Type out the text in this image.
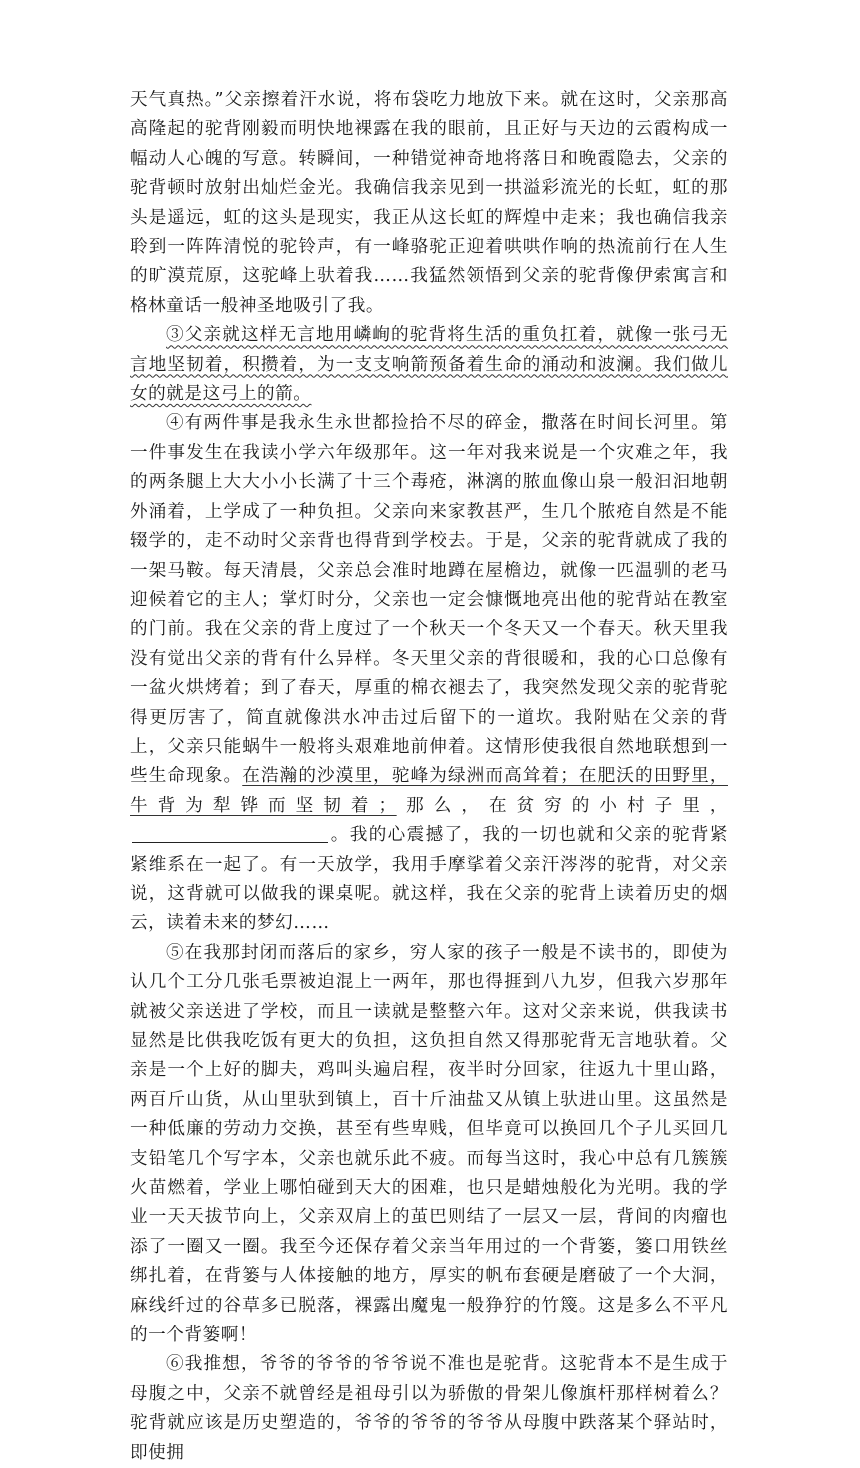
天气真热。”父亲擦着汗水说，将布袋吃力地放下来。就在这时，父亲那高高隆起的驼背刚毅而明快地裸露在我的眼前，且正好与天边的云霞构成一幅动人心魄的写意。转瞬间，一种错觉神奇地将落日和晚霞隐去，父亲的驼背顿时放射出灿烂金光。我确信我亲见到一拱溢彩流光的长虹，虹的那头是遥远，虹的这头是现实，我正从这长虹的辉煌中走来；我也确信我亲聆到一阵阵清悦的驼铃声，有一峰骆驼正迎着哄哄作响的热流前行在人生的旷漠荒原，这驼峰上驮着我……我猛然领悟到父亲的驼背像伊索寓言和格林童话一般神圣地吸引了我。

③父亲就这样无言地用嶙峋的驼背将生活的重负扛着，就像一张弓无言地坚韧着，积攒着，为一支支响箭预备着生命的涌动和波澜。我们做儿女的就是这弓上的箭。

④有两件事是我永生永世都捡拾不尽的碎金，撒落在时间长河里。第一件事发生在我读小学六年级那年。这一年对我来说是一个灾难之年，我的两条腿上大大小小长满了十三个毒疮，淋漓的脓血像山泉一般汩汩地朝外涌着，上学成了一种负担。父亲向来家教甚严，生几个脓疮自然是不能辍学的，走不动时父亲背也得背到学校去。于是，父亲的驼背就成了我的一架马鞍。每天清晨，父亲总会准时地蹲在屋檐边，就像一匹温驯的老马迎候着它的主人；掌灯时分，父亲也一定会慷慨地亮出他的驼背站在教室的门前。我在父亲的背上度过了一个秋天一个冬天又一个春天。秋天里我没有觉出父亲的背有什么异样。冬天里父亲的背很暖和，我的心口总像有一盆火烘烤着；到了春天，厚重的棉衣褪去了，我突然发现父亲的驼背驼得更厉害了，简直就像洪水冲击过后留下的一道坎。我附贴在父亲的背上，父亲只能蜗牛一般将头艰难地前伸着。这情形使我很自然地联想到一些生命现象。在浩瀚的沙漠里，驼峰为绿洲而高耸着；在肥沃的田野里，牛背为犁铧而坚韧着；那么，在贫穷的小村子里，。我的心震撼了，我的一切也就和父亲的驼背紧紧维系在一起了。有一天放学，我用手摩挲着父亲汗涔涔的驼背，对父亲说，这背就可以做我的课桌呢。就这样，我在父亲的驼背上读着历史的烟云，读着未来的梦幻……

⑤在我那封闭而落后的家乡，穷人家的孩子一般是不读书的，即使为认几个工分几张毛票被迫混上一两年，那也得捱到八九岁，但我六岁那年就被父亲送进了学校，而且一读就是整整六年。这对父亲来说，供我读书显然是比供我吃饭有更大的负担，这负担自然又得那驼背无言地驮着。父亲是一个上好的脚夫，鸡叫头遍启程，夜半时分回家，往返九十里山路，两百斤山货，从山里驮到镇上，百十斤油盐又从镇上驮进山里。这虽然是一种低廉的劳动力交换，甚至有些卑贱，但毕竟可以换回几个子儿买回几支铅笔几个写字本，父亲也就乐此不疲。而每当这时，我心中总有几簇簇火苗燃着，学业上哪怕碰到天大的困难，也只是蜡烛般化为光明。我的学业一天天拔节向上，父亲双肩上的茧巴则结了一层又一层，背间的肉瘤也添了一圈又一圈。我至今还保存着父亲当年用过的一个背篓，篓口用铁丝绑扎着，在背篓与人体接触的地方，厚实的帆布套硬是磨破了一个大洞，麻线纤过的谷草多已脱落，裸露出魔鬼一般狰狞的竹篾。这是多么不平凡的一个背篓啊！

⑥我推想，爷爷的爷爷的爷爷说不准也是驼背。这驼背本不是生成于母腹之中，父亲不就曾经是祖母引以为骄傲的骨架儿像旗杆那样树着么？驼背就应该是历史塑造的，爷爷的爷爷的爷爷从母腹中跌落某个驿站时，即使拥
